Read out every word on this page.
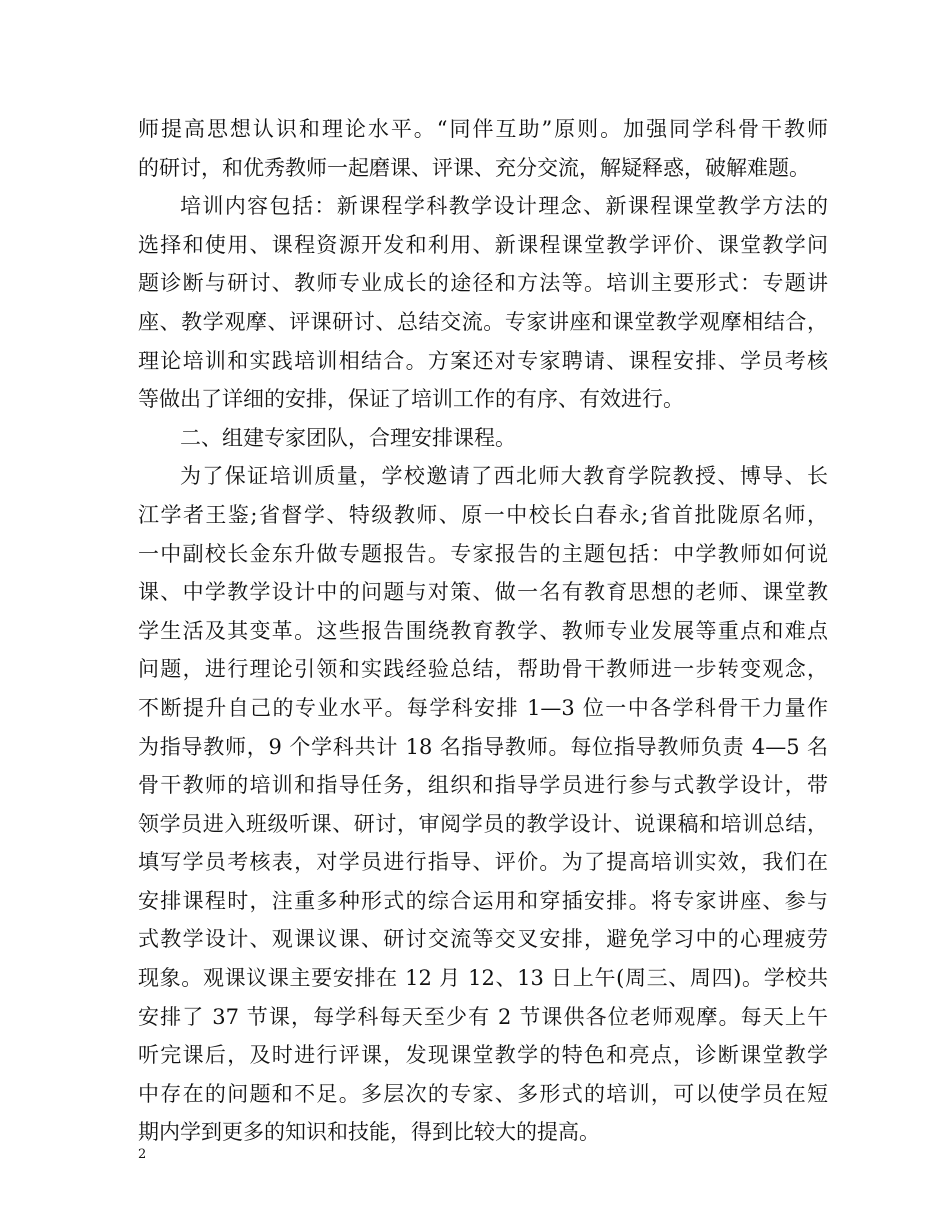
师提高思想认识和理论水平。“同伴互助”原则。加强同学科骨干教师
的研讨，和优秀教师一起磨课、评课、充分交流，解疑释惑，破解难题。
培训内容包括：新课程学科教学设计理念、新课程课堂教学方法的
选择和使用、课程资源开发和利用、新课程课堂教学评价、课堂教学问
题诊断与研讨、教师专业成长的途径和方法等。培训主要形式：专题讲
座、教学观摩、评课研讨、总结交流。专家讲座和课堂教学观摩相结合，
理论培训和实践培训相结合。方案还对专家聘请、课程安排、学员考核
等做出了详细的安排，保证了培训工作的有序、有效进行。
二、组建专家团队，合理安排课程。
为了保证培训质量，学校邀请了西北师大教育学院教授、博导、长
江学者王鉴;省督学、特级教师、原一中校长白春永;省首批陇原名师，
一中副校长金东升做专题报告。专家报告的主题包括：中学教师如何说
课、中学教学设计中的问题与对策、做一名有教育思想的老师、课堂教
学生活及其变革。这些报告围绕教育教学、教师专业发展等重点和难点
问题，进行理论引领和实践经验总结，帮助骨干教师进一步转变观念，
不断提升自己的专业水平。每学科安排 1—3 位一中各学科骨干力量作
为指导教师，9 个学科共计 18 名指导教师。每位指导教师负责 4—5 名
骨干教师的培训和指导任务，组织和指导学员进行参与式教学设计，带
领学员进入班级听课、研讨，审阅学员的教学设计、说课稿和培训总结，
填写学员考核表，对学员进行指导、评价。为了提高培训实效，我们在
安排课程时，注重多种形式的综合运用和穿插安排。将专家讲座、参与
式教学设计、观课议课、研讨交流等交叉安排，避免学习中的心理疲劳
现象。观课议课主要安排在 12 月 12、13 日上午(周三、周四)。学校共
安排了 37 节课，每学科每天至少有 2 节课供各位老师观摩。每天上午
听完课后，及时进行评课，发现课堂教学的特色和亮点，诊断课堂教学
中存在的问题和不足。多层次的专家、多形式的培训，可以使学员在短
期内学到更多的知识和技能，得到比较大的提高。
2
